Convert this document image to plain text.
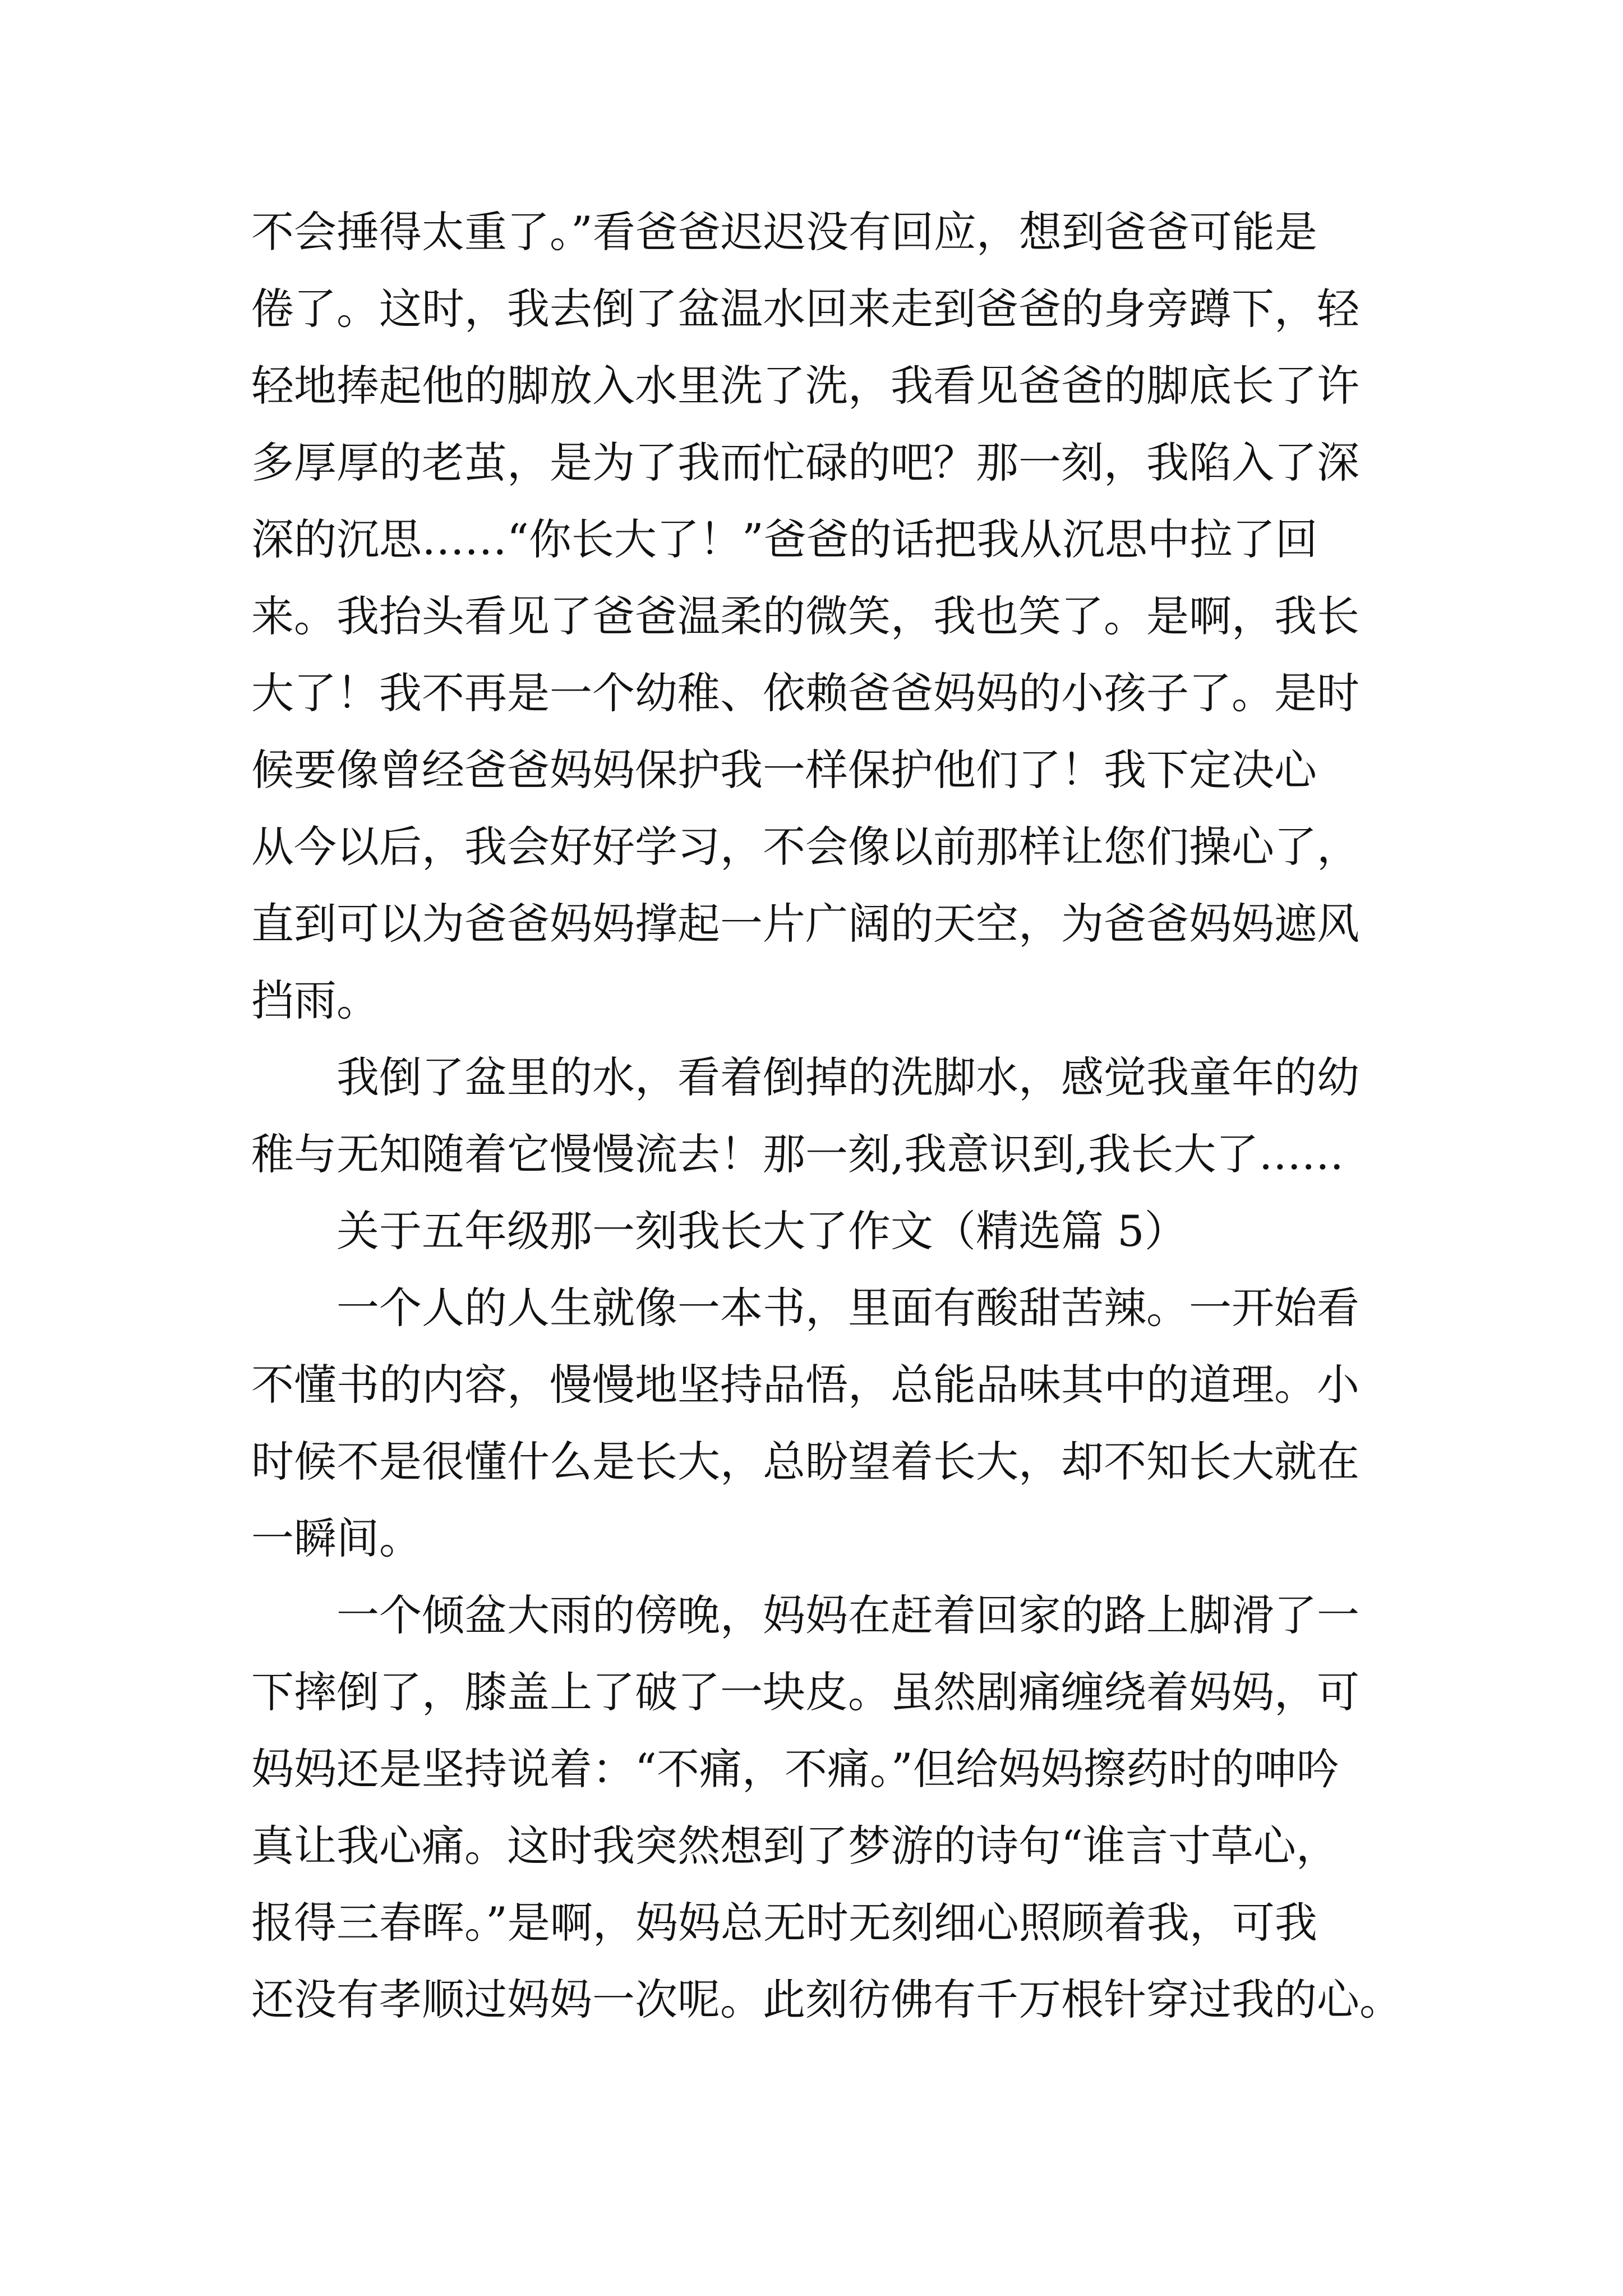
不会捶得太重了。”看爸爸迟迟没有回应，想到爸爸可能是
倦了。这时，我去倒了盆温水回来走到爸爸的身旁蹲下，轻
轻地捧起他的脚放入水里洗了洗，我看见爸爸的脚底长了许
多厚厚的老茧，是为了我而忙碌的吧？那一刻，我陷入了深
深的沉思……“你长大了！”爸爸的话把我从沉思中拉了回
来。我抬头看见了爸爸温柔的微笑，我也笑了。是啊，我长
大了！我不再是一个幼稚、依赖爸爸妈妈的小孩子了。是时
候要像曾经爸爸妈妈保护我一样保护他们了！我下定决心
从今以后，我会好好学习，不会像以前那样让您们操心了，
直到可以为爸爸妈妈撑起一片广阔的天空，为爸爸妈妈遮风
挡雨。
我倒了盆里的水，看着倒掉的洗脚水，感觉我童年的幼
稚与无知随着它慢慢流去！那一刻,我意识到,我长大了……
关于五年级那一刻我长大了作文（精选篇 5）
一个人的人生就像一本书，里面有酸甜苦辣。一开始看
不懂书的内容，慢慢地坚持品悟，总能品味其中的道理。小
时候不是很懂什么是长大，总盼望着长大，却不知长大就在
一瞬间。
一个倾盆大雨的傍晚，妈妈在赶着回家的路上脚滑了一
下摔倒了，膝盖上了破了一块皮。虽然剧痛缠绕着妈妈，可
妈妈还是坚持说着：“不痛，不痛。”但给妈妈擦药时的呻吟
真让我心痛。这时我突然想到了梦游的诗句“谁言寸草心，
报得三春晖。”是啊，妈妈总无时无刻细心照顾着我，可我
还没有孝顺过妈妈一次呢。此刻彷佛有千万根针穿过我的心。
